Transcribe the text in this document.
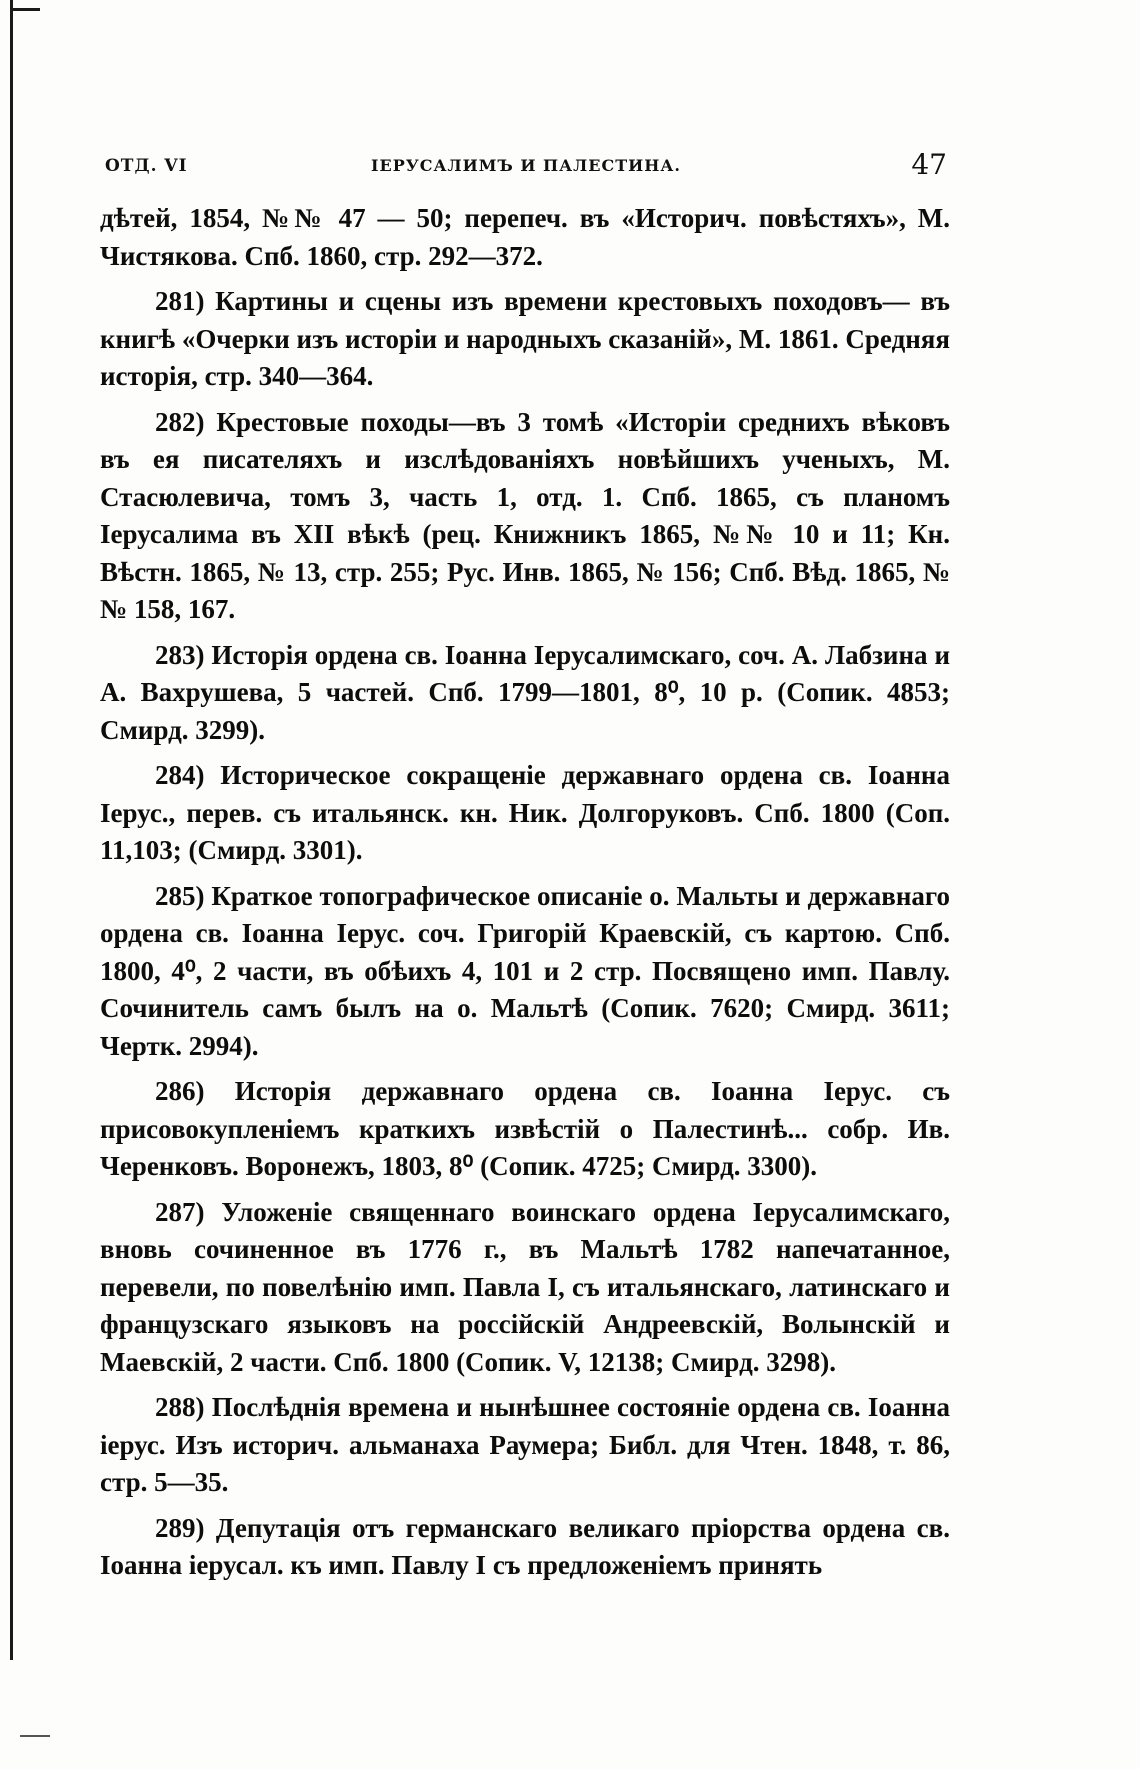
ОТД. VI	ІЕРУСАЛИМЪ И ПАЛЕСТИНА.	47

дѣтей, 1854, №№ 47 — 50; перепеч. въ «Историч. повѣстяхъ», М. Чистякова. Спб. 1860, стр. 292—372.

281) Картины и сцены изъ времени крестовыхъ походовъ— въ книгѣ «Очерки изъ исторіи и народныхъ сказаній», М. 1861. Средняя исторія, стр. 340—364.

282) Крестовые походы—въ 3 томѣ «Исторіи среднихъ вѣковъ въ ея писателяхъ и изслѣдованіяхъ новѣйшихъ ученыхъ, М. Стасюлевича, томъ 3, часть 1, отд. 1. Спб. 1865, съ планомъ Іерусалима въ XII вѣкѣ (рец. Книжникъ 1865, №№ 10 и 11; Кн. Вѣстн. 1865, № 13, стр. 255; Рус. Инв. 1865, № 156; Спб. Вѣд. 1865, №№ 158, 167.

283) Исторія ордена св. Іоанна Іерусалимскаго, соч. А. Лабзина и А. Вахрушева, 5 частей. Спб. 1799—1801, 8⁰, 10 р. (Сопик. 4853; Смирд. 3299).

284) Историческое сокращеніе державнаго ордена св. Іоанна Іерус., перев. съ итальянск. кн. Ник. Долгоруковъ. Спб. 1800 (Соп. 11,103; (Смирд. 3301).

285) Краткое топографическое описаніе о. Мальты и державнаго ордена св. Іоанна Іерус. соч. Григорій Краевскій, съ картою. Спб. 1800, 4⁰, 2 части, въ обѣихъ 4, 101 и 2 стр. Посвящено имп. Павлу. Сочинитель самъ былъ на о. Мальтѣ (Сопик. 7620; Смирд. 3611; Чертк. 2994).

286) Исторія державнаго ордена св. Іоанна Іерус. съ присовокупленіемъ краткихъ извѣстій о Палестинѣ... собр. Ив. Черенковъ. Воронежъ, 1803, 8⁰ (Сопик. 4725; Смирд. 3300).

287) Уложеніе священнаго воинскаго ордена Іерусалимскаго, вновь сочиненное въ 1776 г., въ Мальтѣ 1782 напечатанное, перевели, по повелѣнію имп. Павла I, съ итальянскаго, латинскаго и французскаго языковъ на россійскій Андреевскій, Волынскій и Маевскій, 2 части. Спб. 1800 (Сопик. V, 12138; Смирд. 3298).

288) Послѣднія времена и нынѣшнее состояніе ордена св. Іоанна іерус. Изъ историч. альманаха Раумера; Библ. для Чтен. 1848, т. 86, стр. 5—35.

289) Депутація отъ германскаго великаго пріорства ордена св. Іоанна іерусал. къ имп. Павлу I съ предложеніемъ принять
